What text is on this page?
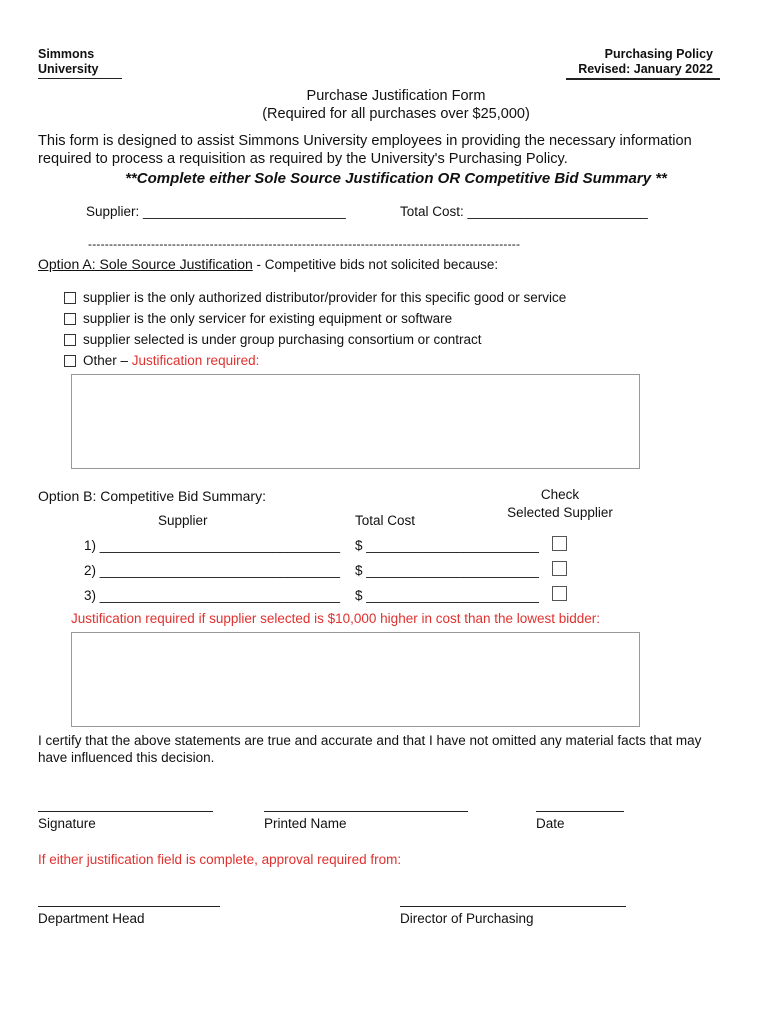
Simmons
University
Purchasing Policy
Revised: January 2022
Purchase Justification Form
(Required for all purchases over $25,000)
This form is designed to assist Simmons University employees in providing the necessary information
required to process a requisition as required by the University's Purchasing Policy.
**Complete either Sole Source Justification OR Competitive Bid Summary **
Supplier: ___________________________	Total Cost: ________________________
-------------------------------------------------------------------------------------------------------
Option A: Sole Source Justification - Competitive bids not solicited because:
supplier is the only authorized distributor/provider for this specific good or service
supplier is the only servicer for existing equipment or software
supplier selected is under group purchasing consortium or contract
Other – Justification required:
Option B: Competitive Bid Summary:	Check
Selected Supplier
Supplier	Total Cost
1) ________________________________ $ _______________________
2) ________________________________ $ _______________________
3) ________________________________ $ _______________________
Justification required if supplier selected is $10,000 higher in cost than the lowest bidder:
I certify that the above statements are true and accurate and that I have not omitted any material facts that may
have influenced this decision.
Signature	Printed Name	Date
If either justification field is complete, approval required from:
Department Head	Director of Purchasing
